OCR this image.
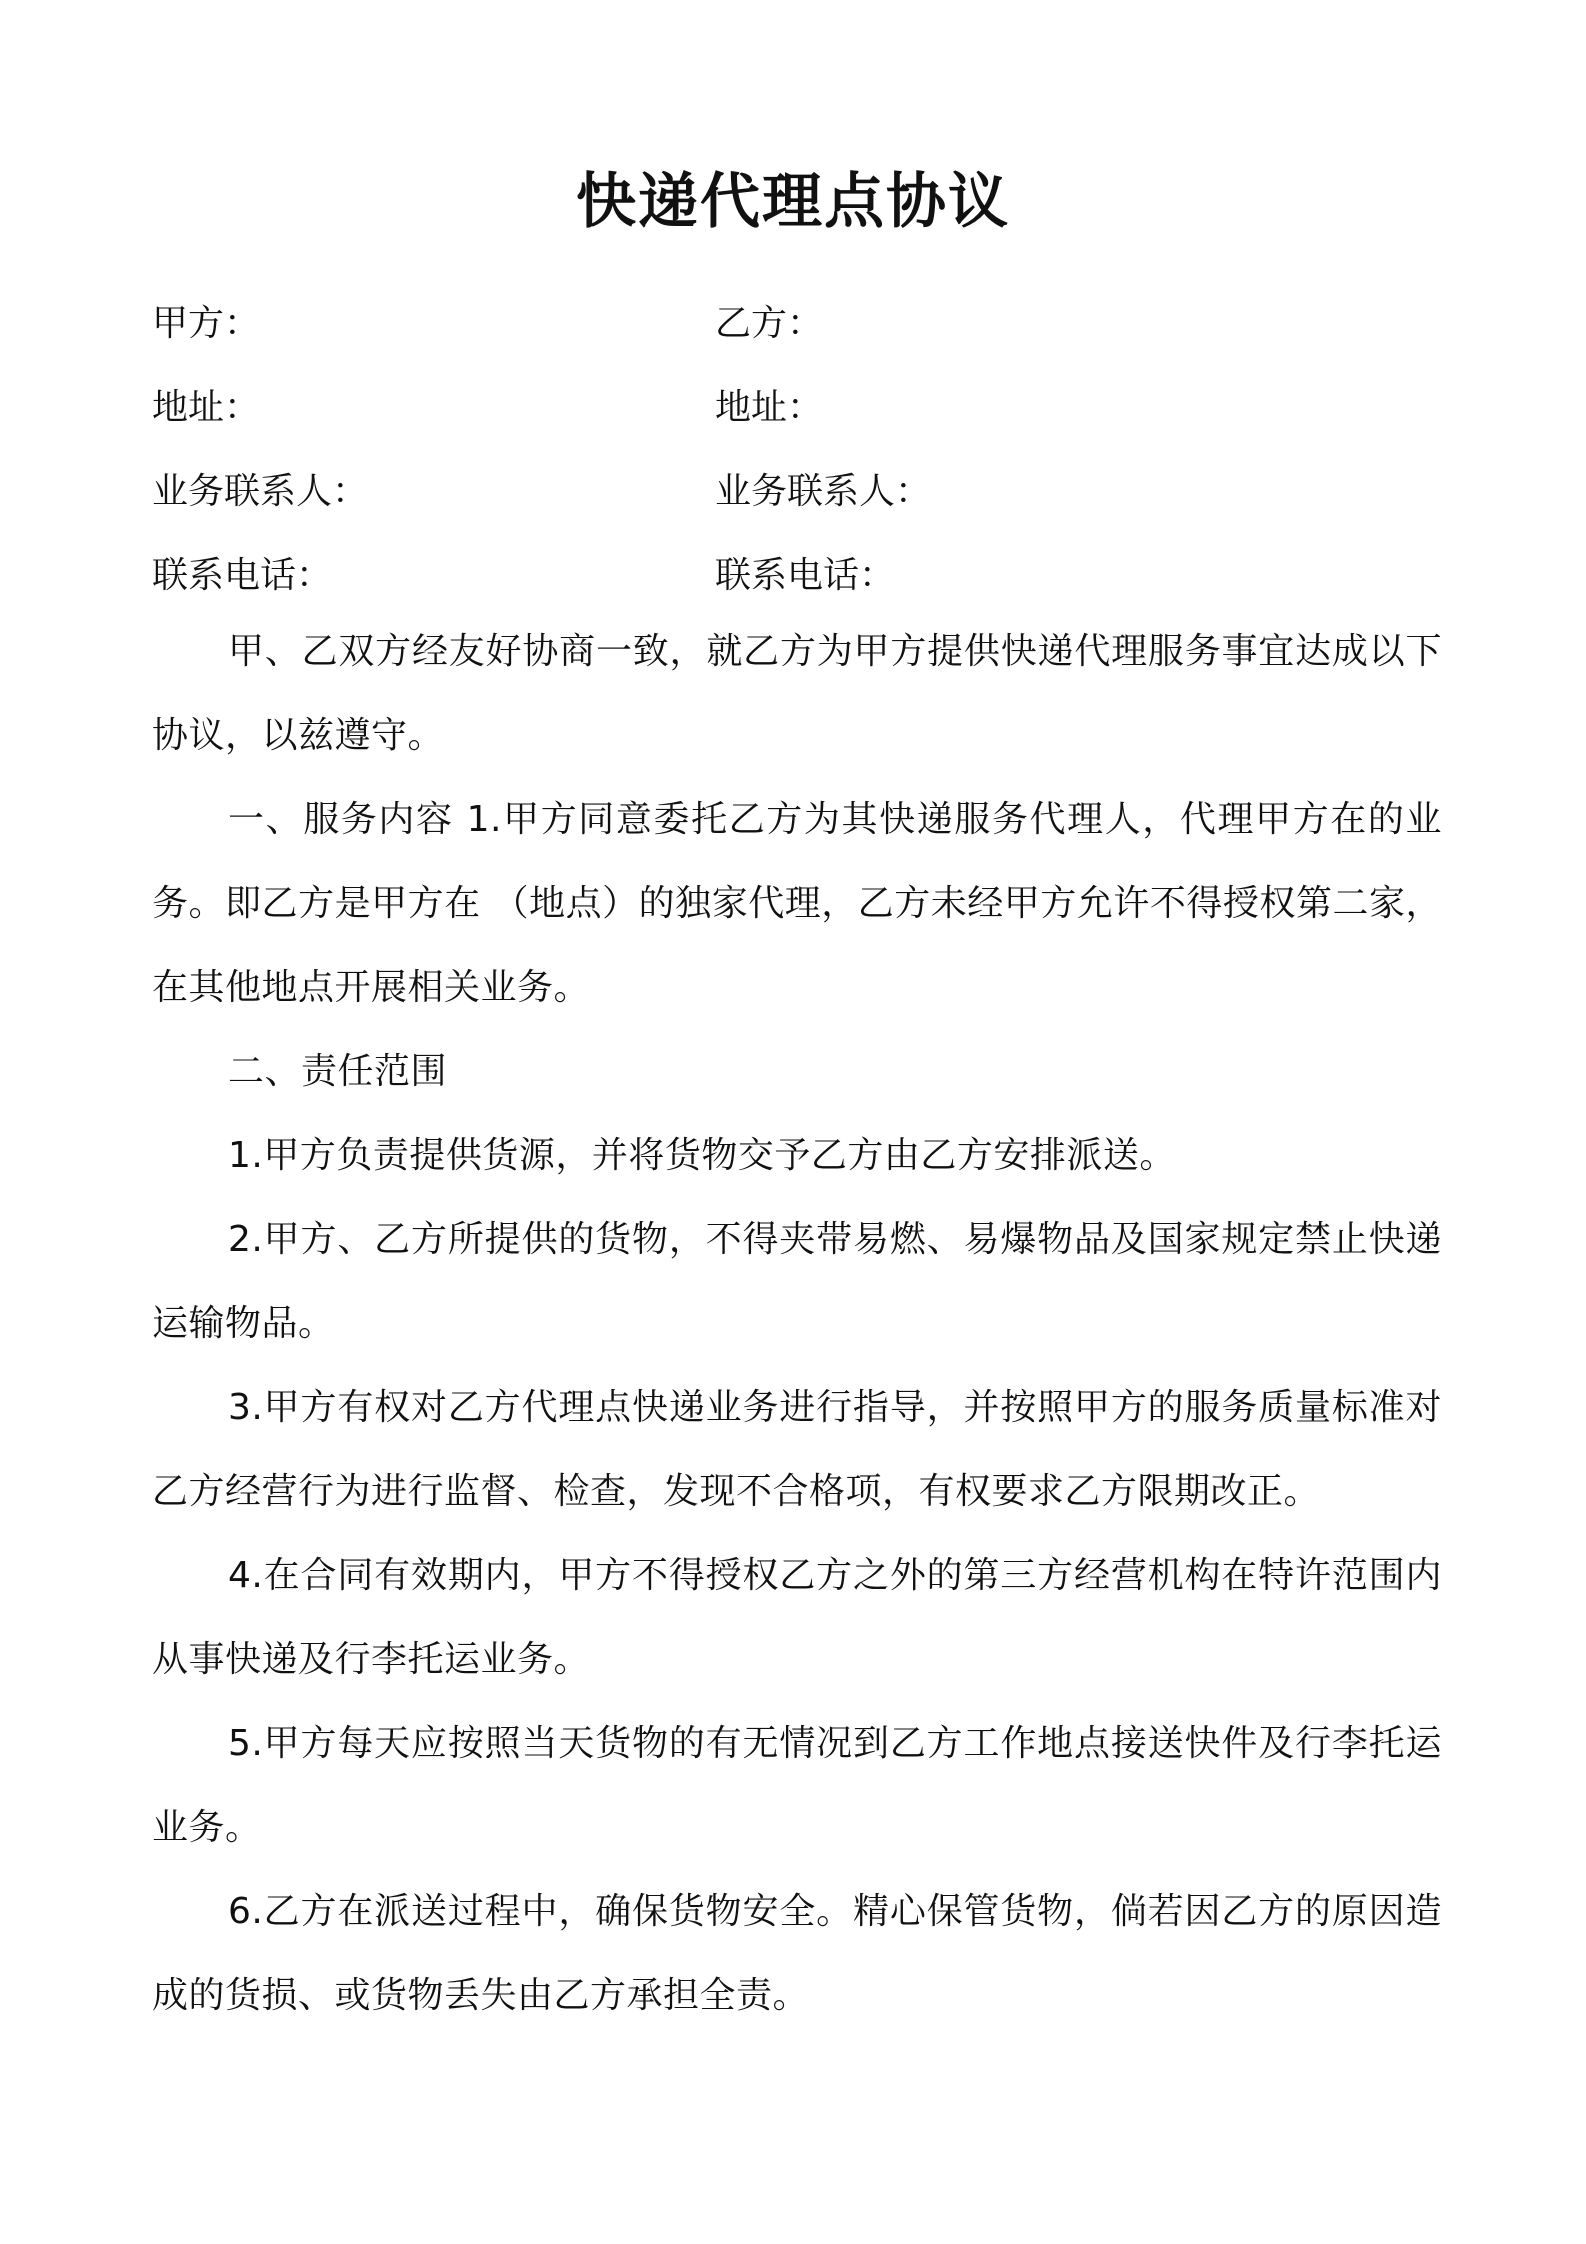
快递代理点协议
甲方：	乙方：
地址：	地址：
业务联系人：	业务联系人：
联系电话：	联系电话：

甲、乙双方经友好协商一致，就乙方为甲方提供快递代理服务事宜达成以下协议，以兹遵守。

一、服务内容 1.甲方同意委托乙方为其快递服务代理人，代理甲方在的业务。即乙方是甲方在 （地点）的独家代理，乙方未经甲方允许不得授权第二家，在其他地点开展相关业务。

二、责任范围

1.甲方负责提供货源，并将货物交予乙方由乙方安排派送。

2.甲方、乙方所提供的货物，不得夹带易燃、易爆物品及国家规定禁止快递运输物品。

3.甲方有权对乙方代理点快递业务进行指导，并按照甲方的服务质量标准对乙方经营行为进行监督、检查，发现不合格项，有权要求乙方限期改正。

4.在合同有效期内，甲方不得授权乙方之外的第三方经营机构在特许范围内从事快递及行李托运业务。

5.甲方每天应按照当天货物的有无情况到乙方工作地点接送快件及行李托运业务。

6.乙方在派送过程中，确保货物安全。精心保管货物，倘若因乙方的原因造成的货损、或货物丢失由乙方承担全责。
